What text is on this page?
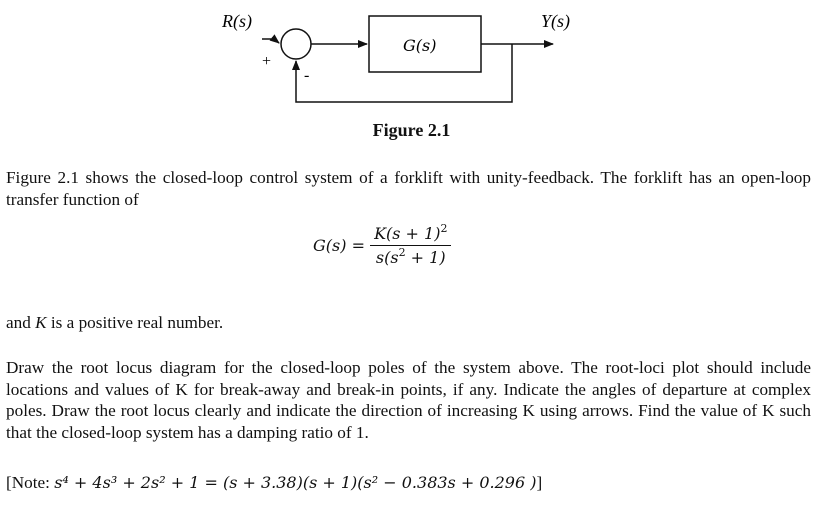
R(s)	Y(s)
G(s)
+
-
Figure 2.1
Figure 2.1 shows the closed-loop control system of a forklift with unity-feedback. The forklift has an open-loop transfer function of
$G(s) = \frac{K(s + 1)^2}{s(s^2 + 1)}$
and K is a positive real number.
Draw the root locus diagram for the closed-loop poles of the system above. The root-loci plot should include locations and values of K for break-away and break-in points, if any. Indicate the angles of departure at complex poles. Draw the root locus clearly and indicate the direction of increasing K using arrows. Find the value of K such that the closed-loop system has a damping ratio of 1.
[Note: s⁴ + 4s³ + 2s² + 1 = (s + 3.38)(s + 1)(s² − 0.383s + 0.296 )]
